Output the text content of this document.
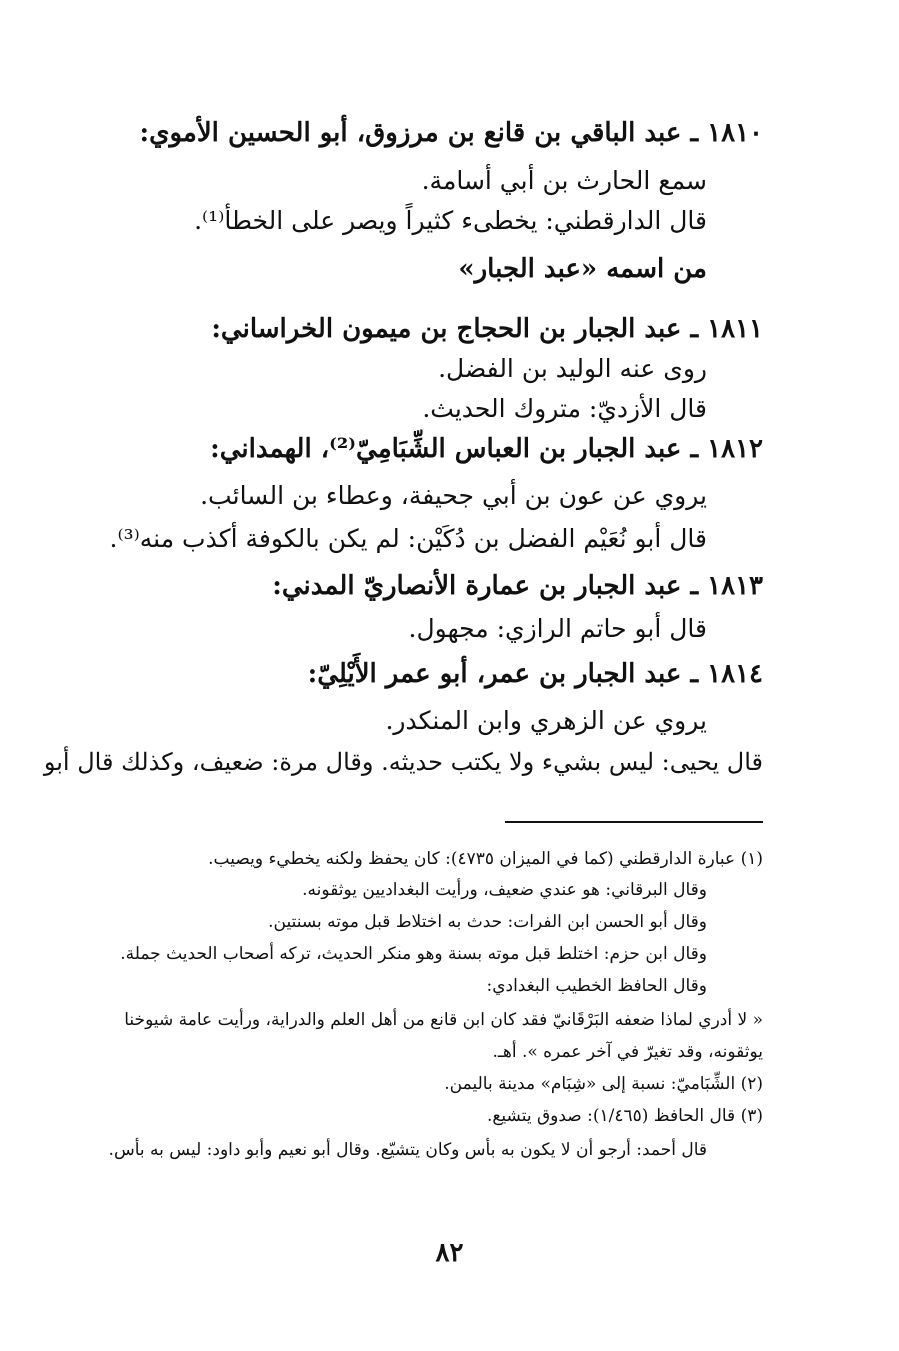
١٨١٠ ـ عبد الباقي بن قانع بن مرزوق، أبو الحسين الأموي:
سمع الحارث بن أبي أسامة.
قال الدارقطني: يخطىء كثيراً ويصر على الخطأ⁽¹⁾.
من اسمه «عبد الجبار»
١٨١١ ـ عبد الجبار بن الحجاج بن ميمون الخراساني:
روى عنه الوليد بن الفضل.
قال الأزديّ: متروك الحديث.
١٨١٢ ـ عبد الجبار بن العباس الشِّبَامِيّ⁽²⁾، الهمداني:
يروي عن عون بن أبي جحيفة، وعطاء بن السائب.
قال أبو نُعَيْم الفضل بن دُكَيْن: لم يكن بالكوفة أكذب منه⁽³⁾.
١٨١٣ ـ عبد الجبار بن عمارة الأنصاريّ المدني:
قال أبو حاتم الرازي: مجهول.
١٨١٤ ـ عبد الجبار بن عمر، أبو عمر الأَيْلِيّ:
يروي عن الزهري وابن المنكدر.
قال يحيى: ليس بشيء ولا يكتب حديثه. وقال مرة: ضعيف، وكذلك قال أبو
(١) عبارة الدارقطني (كما في الميزان ٤٧٣٥): كان يحفظ ولكنه يخطيء ويصيب.
وقال البرقاني: هو عندي ضعيف، ورأيت البغداديين يوثقونه.
وقال أبو الحسن ابن الفرات: حدث به اختلاط قبل موته بسنتين.
وقال ابن حزم: اختلط قبل موته بسنة وهو منكر الحديث، تركه أصحاب الحديث جملة.
وقال الحافظ الخطيب البغدادي:
« لا أدري لماذا ضعفه البَرْقَانيّ فقد كان ابن قانع من أهل العلم والدراية، ورأيت عامة شيوخنا
يوثقونه، وقد تغيرّ في آخر عمره ». أهـ.
(٢) الشِّبَاميّ: نسبة إلى «شِبَام» مدينة باليمن.
(٣) قال الحافظ (١/٤٦٥): صدوق يتشيع.
قال أحمد: أرجو أن لا يكون به بأس وكان يتشيّع. وقال أبو نعيم وأبو داود: ليس به بأس.
٨٢
